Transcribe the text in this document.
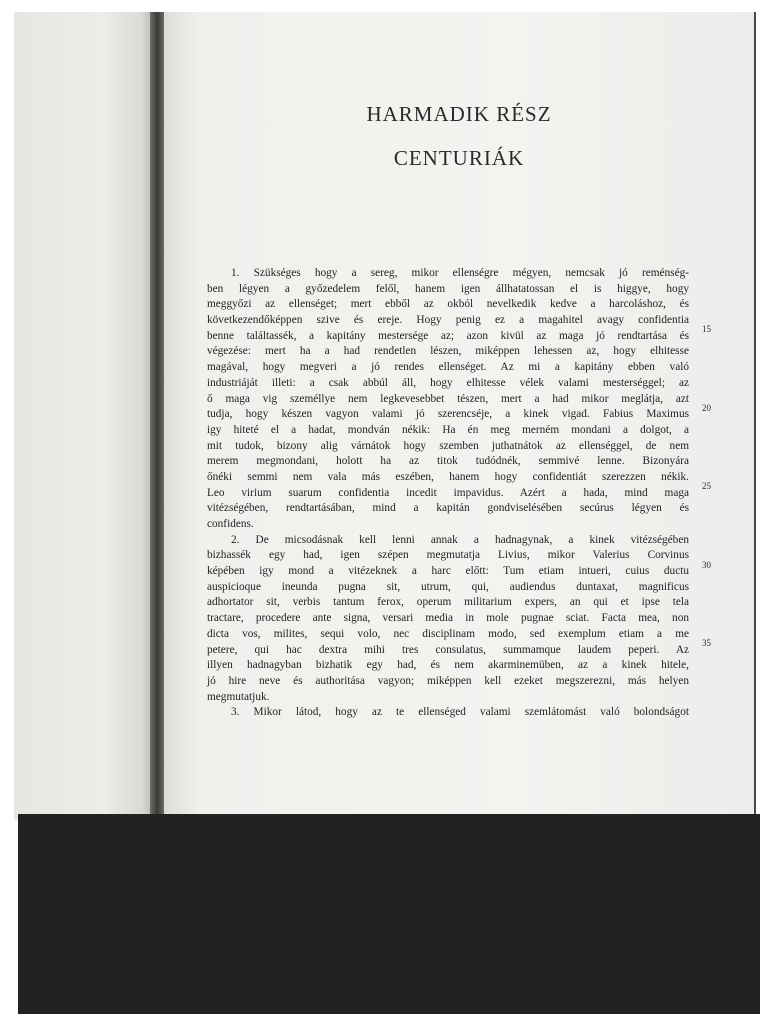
HARMADIK RÉSZ
CENTURIÁK
1. Szükséges hogy a sereg, mikor ellenségre mégyen, nemcsak jó reménség-
ben légyen a győzedelem felől, hanem igen állhatatossan el is higgye, hogy
meggyőzi az ellenséget; mert ebből az okból nevelkedik kedve a harcoláshoz, és
következendőképpen szive és ereje. Hogy penig ez a magahitel avagy confidentia
benne találtassék, a kapitány mestersége az; azon kivül az maga jó rendtartása és
végezése: mert ha a had rendetlen lészen, miképpen lehessen az, hogy elhitesse
magával, hogy megveri a jó rendes ellenséget. Az mi a kapitány ebben való
industriáját illeti: a csak abbúl áll, hogy elhitesse vélek valami mesterséggel; az
ő maga vig személlye nem legkevesebbet tészen, mert a had mikor meglátja, azt
tudja, hogy készen vagyon valami jó szerencséje, a kinek vigad. Fabius Maximus
igy hiteté el a hadat, mondván nékik: Ha én meg merném mondani a dolgot, a
mit tudok, bizony alig várnátok hogy szemben juthatnátok az ellenséggel, de nem
merem megmondani, holott ha az titok tudódnék, semmivé lenne. Bizonyára
őnéki semmi nem vala más eszében, hanem hogy confidentiát szerezzen nékik.
Leo virium suarum confidentia incedit impavidus. Azért a hada, mind maga
vitézségében, rendtartásában, mind a kapitán gondviselésében secúrus légyen és
confidens.
2. De micsodásnak kell lenni annak a hadnagynak, a kinek vitézségében
bizhassék egy had, igen szépen megmutatja Livius, mikor Valerius Corvinus
képében igy mond a vitézeknek a harc előtt: Tum etiam intueri, cuius ductu
auspicioque ineunda pugna sit, utrum, qui, audiendus duntaxat, magnificus
adhortator sit, verbis tantum ferox, operum militarium expers, an qui et ipse tela
tractare, procedere ante signa, versari media in mole pugnae sciat. Facta mea, non
dicta vos, milites, sequi volo, nec disciplinam modo, sed exemplum etiam a me
petere, qui hac dextra mihi tres consulatus, summamque laudem peperi. Az
illyen hadnagyban bizhatik egy had, és nem akarminemüben, az a kinek hitele,
jó hire neve és authoritása vagyon; miképpen kell ezeket megszerezni, más helyen
megmutatjuk.
3. Mikor látod, hogy az te ellenséged valami szemlátomást való bolondságot
15
20
25
30
35
